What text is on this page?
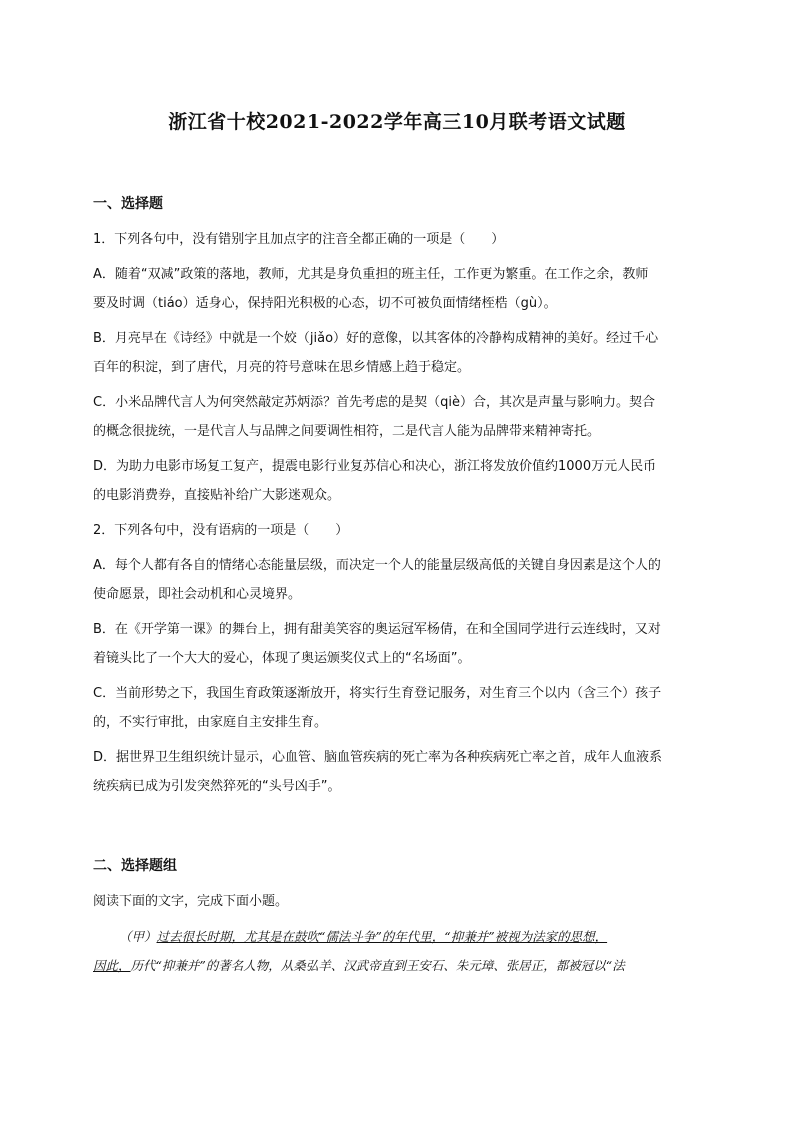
浙江省十校2021-2022学年高三10月联考语文试题

一、选择题

1．下列各句中，没有错别字且加点字的注音全都正确的一项是（　　）

A．随着“双减”政策的落地，教师，尤其是身负重担的班主任，工作更为繁重。在工作之余，教师

要及时调（tiáo）适身心，保持阳光积极的心态，切不可被负面情绪桎梏（gù）。

B．月亮早在《诗经》中就是一个姣（jiǎo）好的意像，以其客体的冷静构成精神的美好。经过千心

百年的积淀，到了唐代，月亮的符号意味在思乡情感上趋于稳定。

C．小米品牌代言人为何突然敲定苏炳添？首先考虑的是契（qiè）合，其次是声量与影响力。契合

的概念很拢统，一是代言人与品牌之间要调性相符，二是代言人能为品牌带来精神寄托。

D．为助力电影市场复工复产，提震电影行业复苏信心和决心，浙江将发放价值约1000万元人民币

的电影消费券，直接贴补给广大影迷观众。

2．下列各句中，没有语病的一项是（　　）

A．每个人都有各自的情绪心态能量层级，而决定一个人的能量层级高低的关键自身因素是这个人的

使命愿景，即社会动机和心灵境界。

B．在《开学第一课》的舞台上，拥有甜美笑容的奥运冠军杨倩，在和全国同学进行云连线时，又对

着镜头比了一个大大的爱心，体现了奥运颁奖仪式上的“名场面”。

C．当前形势之下，我国生育政策逐渐放开，将实行生育登记服务，对生育三个以内（含三个）孩子

的，不实行审批，由家庭自主安排生育。

D．据世界卫生组织统计显示，心血管、脑血管疾病的死亡率为各种疾病死亡率之首，成年人血液系

统疾病已成为引发突然猝死的“头号凶手”。

二、选择题组

阅读下面的文字，完成下面小题。

（甲）过去很长时期，尤其是在鼓吹“儒法斗争”的年代里，“抑兼并”被视为法家的思想，

因此，历代“抑兼并”的著名人物，从桑弘羊、汉武帝直到王安石、朱元璋、张居正，都被冠以“法
